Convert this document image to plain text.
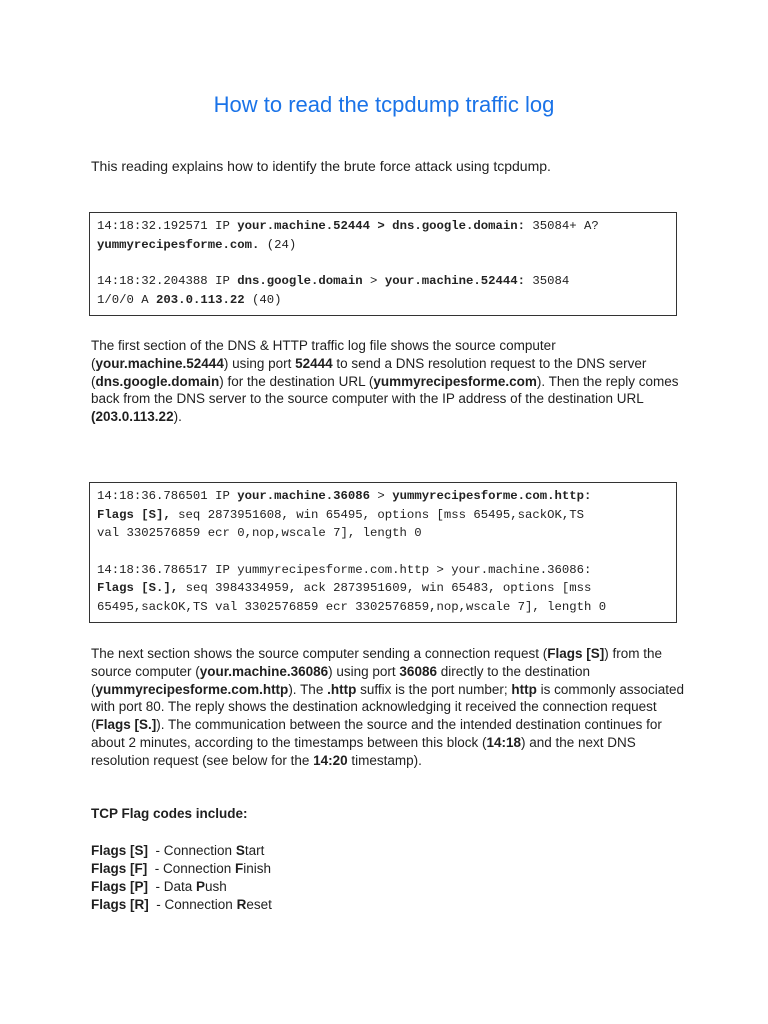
How to read the tcpdump traffic log

This reading explains how to identify the brute force attack using tcpdump.

14:18:32.192571 IP your.machine.52444 > dns.google.domain: 35084+ A?
yummyrecipesforme.com. (24)
14:18:32.204388 IP dns.google.domain > your.machine.52444: 35084
1/0/0 A 203.0.113.22 (40)

The first section of the DNS & HTTP traffic log file shows the source computer (your.machine.52444) using port 52444 to send a DNS resolution request to the DNS server (dns.google.domain) for the destination URL (yummyrecipesforme.com). Then the reply comes back from the DNS server to the source computer with the IP address of the destination URL (203.0.113.22).

14:18:36.786501 IP your.machine.36086 > yummyrecipesforme.com.http:
Flags [S], seq 2873951608, win 65495, options [mss 65495,sackOK,TS
val 3302576859 ecr 0,nop,wscale 7], length 0
14:18:36.786517 IP yummyrecipesforme.com.http > your.machine.36086:
Flags [S.], seq 3984334959, ack 2873951609, win 65483, options [mss
65495,sackOK,TS val 3302576859 ecr 3302576859,nop,wscale 7], length 0

The next section shows the source computer sending a connection request (Flags [S]) from the source computer (your.machine.36086) using port 36086 directly to the destination (yummyrecipesforme.com.http). The .http suffix is the port number; http is commonly associated with port 80. The reply shows the destination acknowledging it received the connection request (Flags [S.]). The communication between the source and the intended destination continues for about 2 minutes, according to the timestamps between this block (14:18) and the next DNS resolution request (see below for the 14:20 timestamp).

TCP Flag codes include:

Flags [S]  - Connection Start
Flags [F]  - Connection Finish
Flags [P]  - Data Push
Flags [R]  - Connection Reset
